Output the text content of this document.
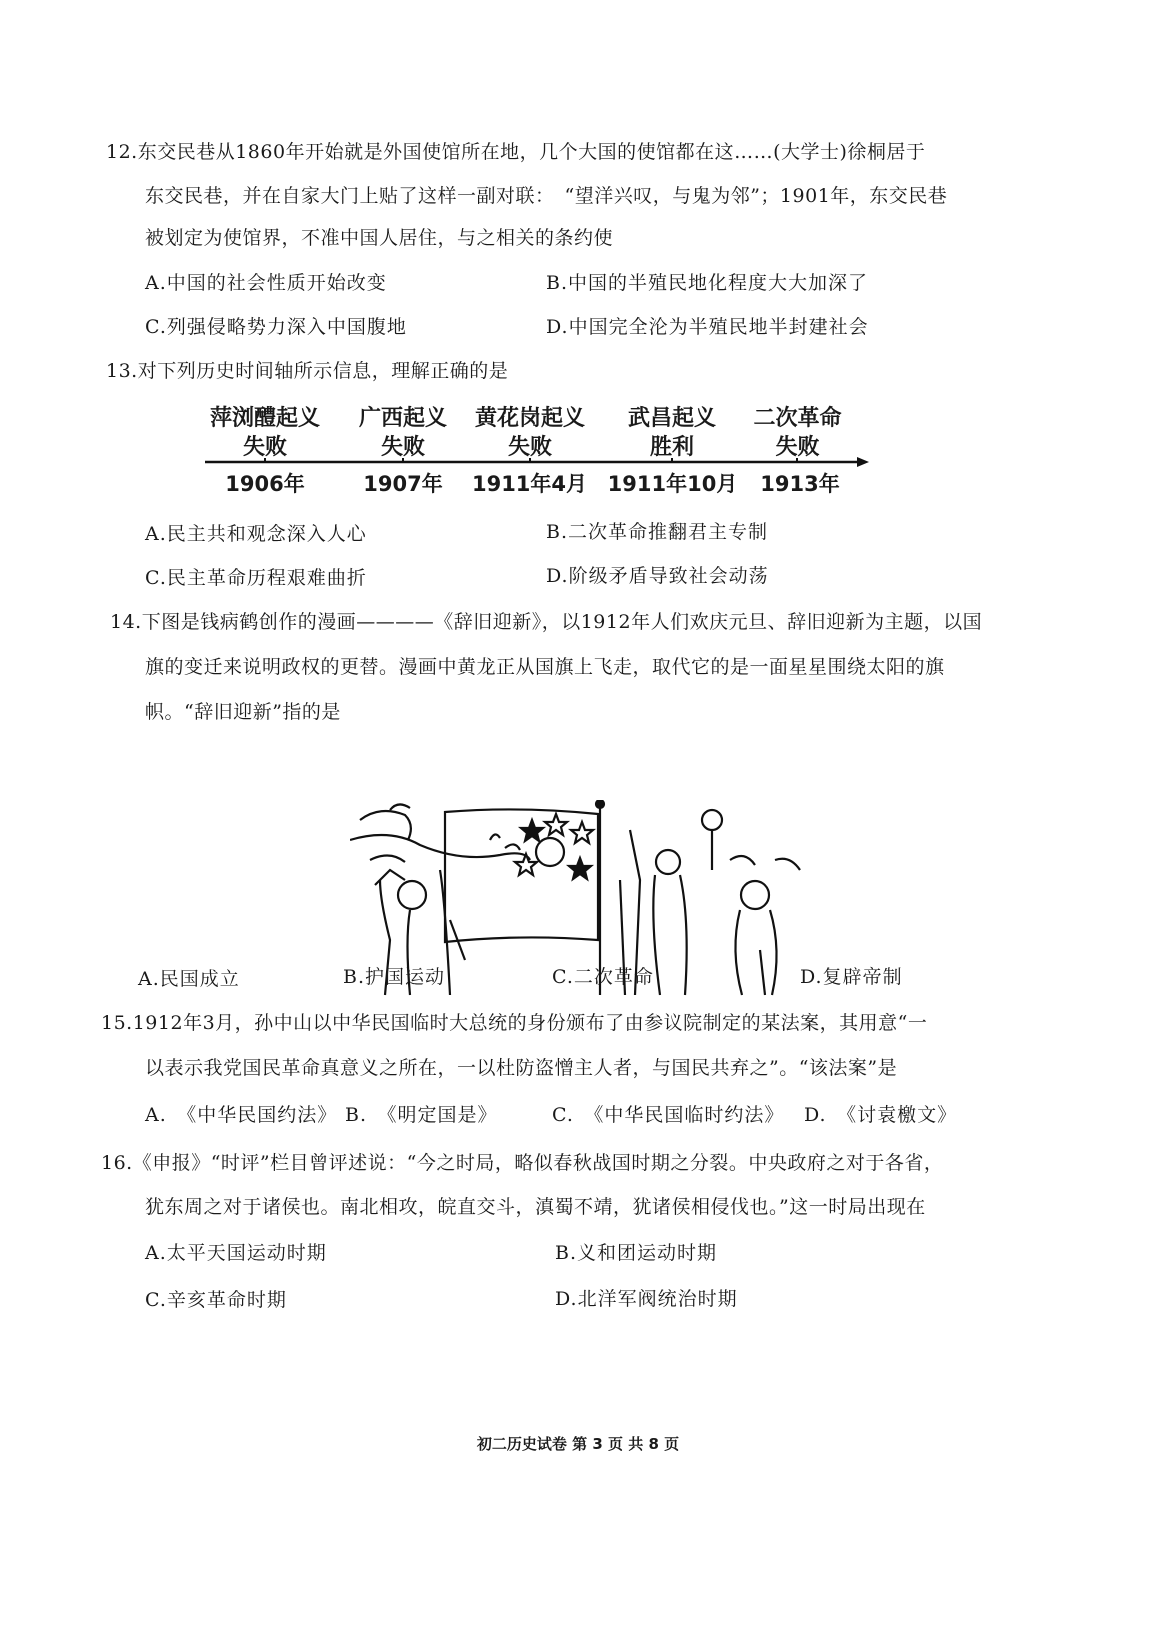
12.东交民巷从1860年开始就是外国使馆所在地，几个大国的使馆都在这……(大学士)徐桐居于
东交民巷，并在自家大门上贴了这样一副对联：　“望洋兴叹，与鬼为邻”；1901年，东交民巷
被划定为使馆界，不准中国人居住，与之相关的条约使
A.中国的社会性质开始改变	B.中国的半殖民地化程度大大加深了
C.列强侵略势力深入中国腹地	D.中国完全沦为半殖民地半封建社会
13.对下列历史时间轴所示信息，理解正确的是
萍浏醴起义
失败
广西起义
失败
黄花岗起义
失败
武昌起义
胜利
二次革命
失败
1906年	1907年	1911年4月 1911年10月	1913年
A.民主共和观念深入人心	B.二次革命推翻君主专制
C.民主革命历程艰难曲折	D.阶级矛盾导致社会动荡
14.下图是钱病鹤创作的漫画————《辞旧迎新》，以1912年人们欢庆元旦、辞旧迎新为主题，以国
旗的变迁来说明政权的更替。漫画中黄龙正从国旗上飞走，取代它的是一面星星围绕太阳的旗
帜。“辞旧迎新”指的是
A.民国成立	B.护国运动	C.二次革命	D.复辟帝制
15.1912年3月，孙中山以中华民国临时大总统的身份颁布了由参议院制定的某法案，其用意“一
以表示我党国民革命真意义之所在，一以杜防盗憎主人者，与国民共弃之”。“该法案”是
A.　《中华民国约法》 B.　《明定国是》	C.　《中华民国临时约法》 D.　《讨袁檄文》
16.《申报》“时评”栏目曾评述说：“今之时局，略似春秋战国时期之分裂。中央政府之对于各省，
犹东周之对于诸侯也。南北相攻，皖直交斗，滇蜀不靖，犹诸侯相侵伐也。”这一时局出现在
A.太平天国运动时期	B.义和团运动时期
C.辛亥革命时期	D.北洋军阀统治时期
初二历史试卷 第 3 页 共 8 页
